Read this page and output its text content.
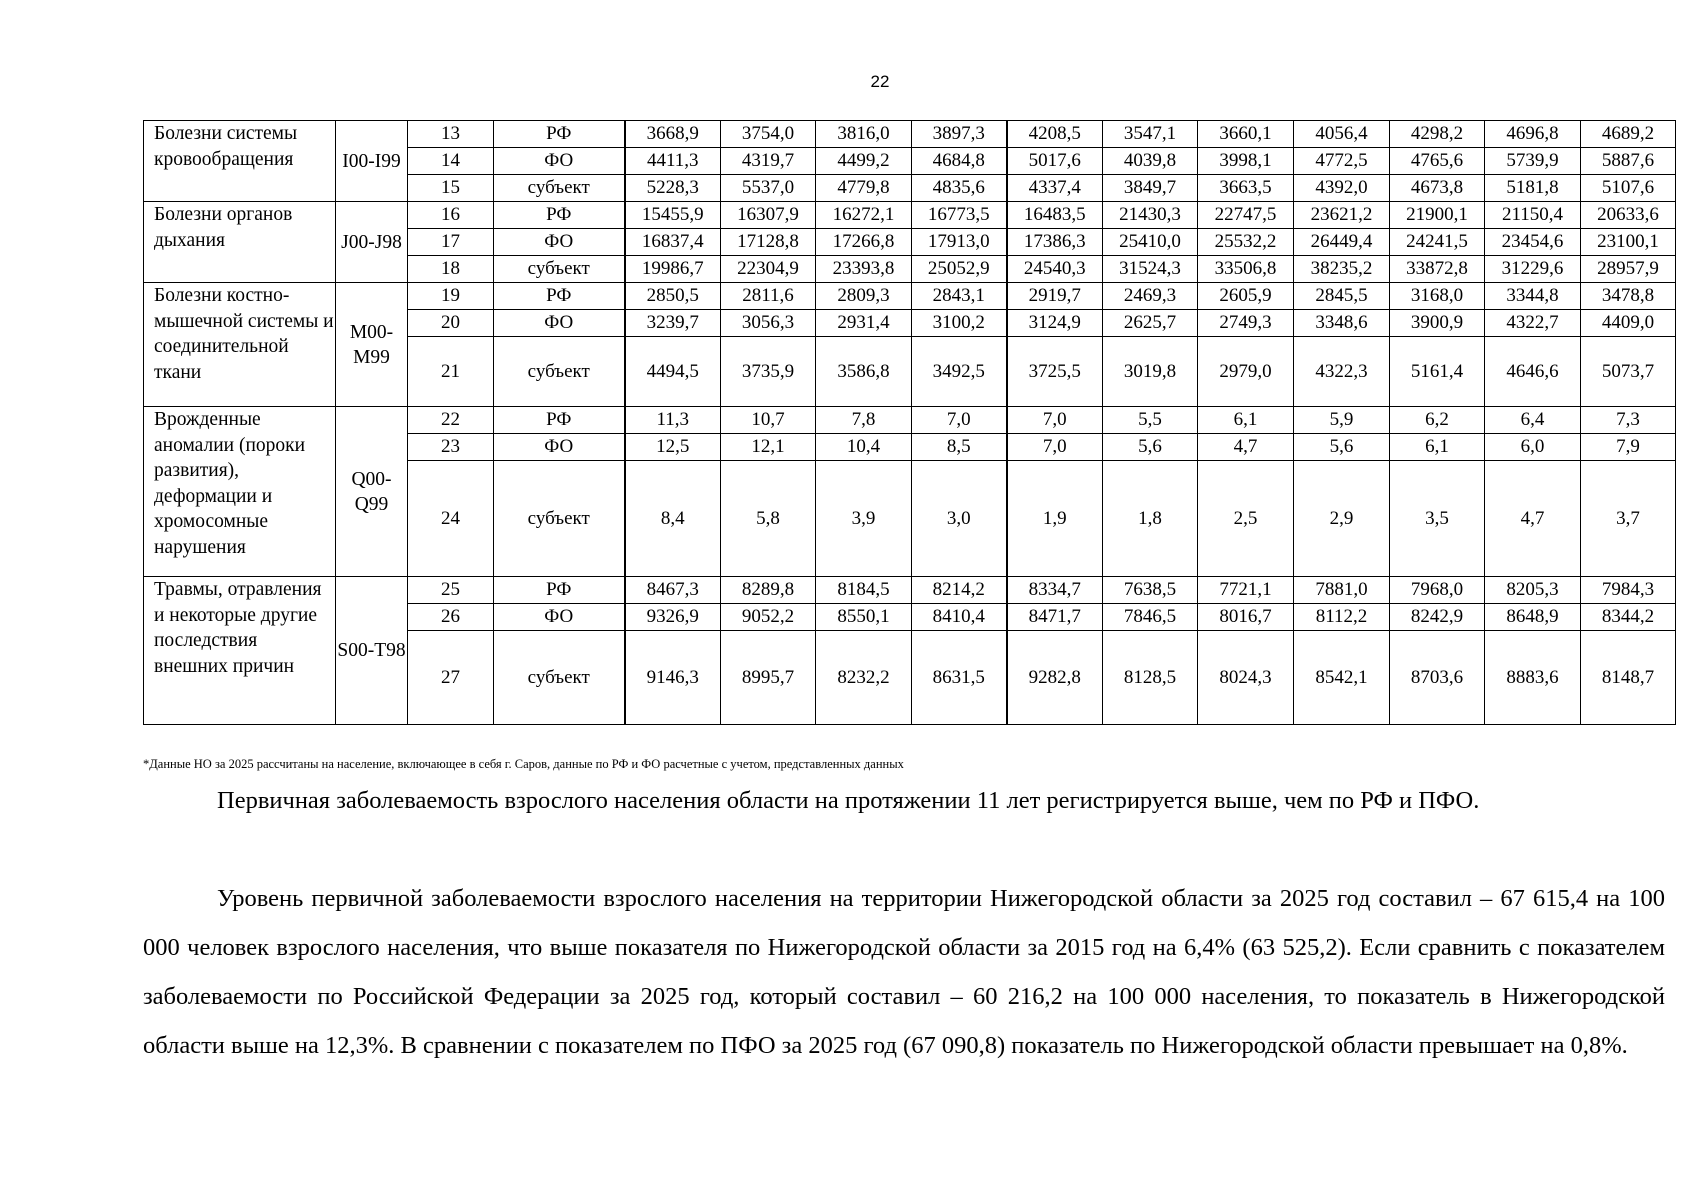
22
Болезни системы кровообращения	I00-I99	13	РФ	3668,9	3754,0	3816,0	3897,3	4208,5	3547,1	3660,1	4056,4	4298,2	4696,8	4689,2
		14	ФО	4411,3	4319,7	4499,2	4684,8	5017,6	4039,8	3998,1	4772,5	4765,6	5739,9	5887,6
		15	субъект	5228,3	5537,0	4779,8	4835,6	4337,4	3849,7	3663,5	4392,0	4673,8	5181,8	5107,6
Болезни органов дыхания	J00-J98	16	РФ	15455,9	16307,9	16272,1	16773,5	16483,5	21430,3	22747,5	23621,2	21900,1	21150,4	20633,6
		17	ФО	16837,4	17128,8	17266,8	17913,0	17386,3	25410,0	25532,2	26449,4	24241,5	23454,6	23100,1
		18	субъект	19986,7	22304,9	23393,8	25052,9	24540,3	31524,3	33506,8	38235,2	33872,8	31229,6	28957,9
Болезни костно-мышечной системы и соединительной ткани	M00-M99	19	РФ	2850,5	2811,6	2809,3	2843,1	2919,7	2469,3	2605,9	2845,5	3168,0	3344,8	3478,8
		20	ФО	3239,7	3056,3	2931,4	3100,2	3124,9	2625,7	2749,3	3348,6	3900,9	4322,7	4409,0
		21	субъект	4494,5	3735,9	3586,8	3492,5	3725,5	3019,8	2979,0	4322,3	5161,4	4646,6	5073,7
Врожденные аномалии (пороки развития), деформации и хромосомные нарушения	Q00-Q99	22	РФ	11,3	10,7	7,8	7,0	7,0	5,5	6,1	5,9	6,2	6,4	7,3
		23	ФО	12,5	12,1	10,4	8,5	7,0	5,6	4,7	5,6	6,1	6,0	7,9
		24	субъект	8,4	5,8	3,9	3,0	1,9	1,8	2,5	2,9	3,5	4,7	3,7
Травмы, отравления и некоторые другие последствия внешних причин	S00-T98	25	РФ	8467,3	8289,8	8184,5	8214,2	8334,7	7638,5	7721,1	7881,0	7968,0	8205,3	7984,3
		26	ФО	9326,9	9052,2	8550,1	8410,4	8471,7	7846,5	8016,7	8112,2	8242,9	8648,9	8344,2
		27	субъект	9146,3	8995,7	8232,2	8631,5	9282,8	8128,5	8024,3	8542,1	8703,6	8883,6	8148,7
*Данные НО за 2025 рассчитаны на население, включающее в себя г. Саров, данные по РФ и ФО расчетные с учетом, представленных данных

Первичная заболеваемость взрослого населения области на протяжении 11 лет регистрируется выше, чем по РФ и ПФО.

Уровень первичной заболеваемости взрослого населения на территории Нижегородской области за 2025 год составил – 67 615,4 на 100 000 человек взрослого населения, что выше показателя по Нижегородской области за 2015 год на 6,4% (63 525,2). Если сравнить с показателем заболеваемости по Российской Федерации за 2025 год, который составил – 60 216,2 на 100 000 населения, то показатель в Нижегородской области выше на 12,3%. В сравнении с показателем по ПФО за 2025 год (67 090,8) показатель по Нижегородской области превышает на 0,8%.
